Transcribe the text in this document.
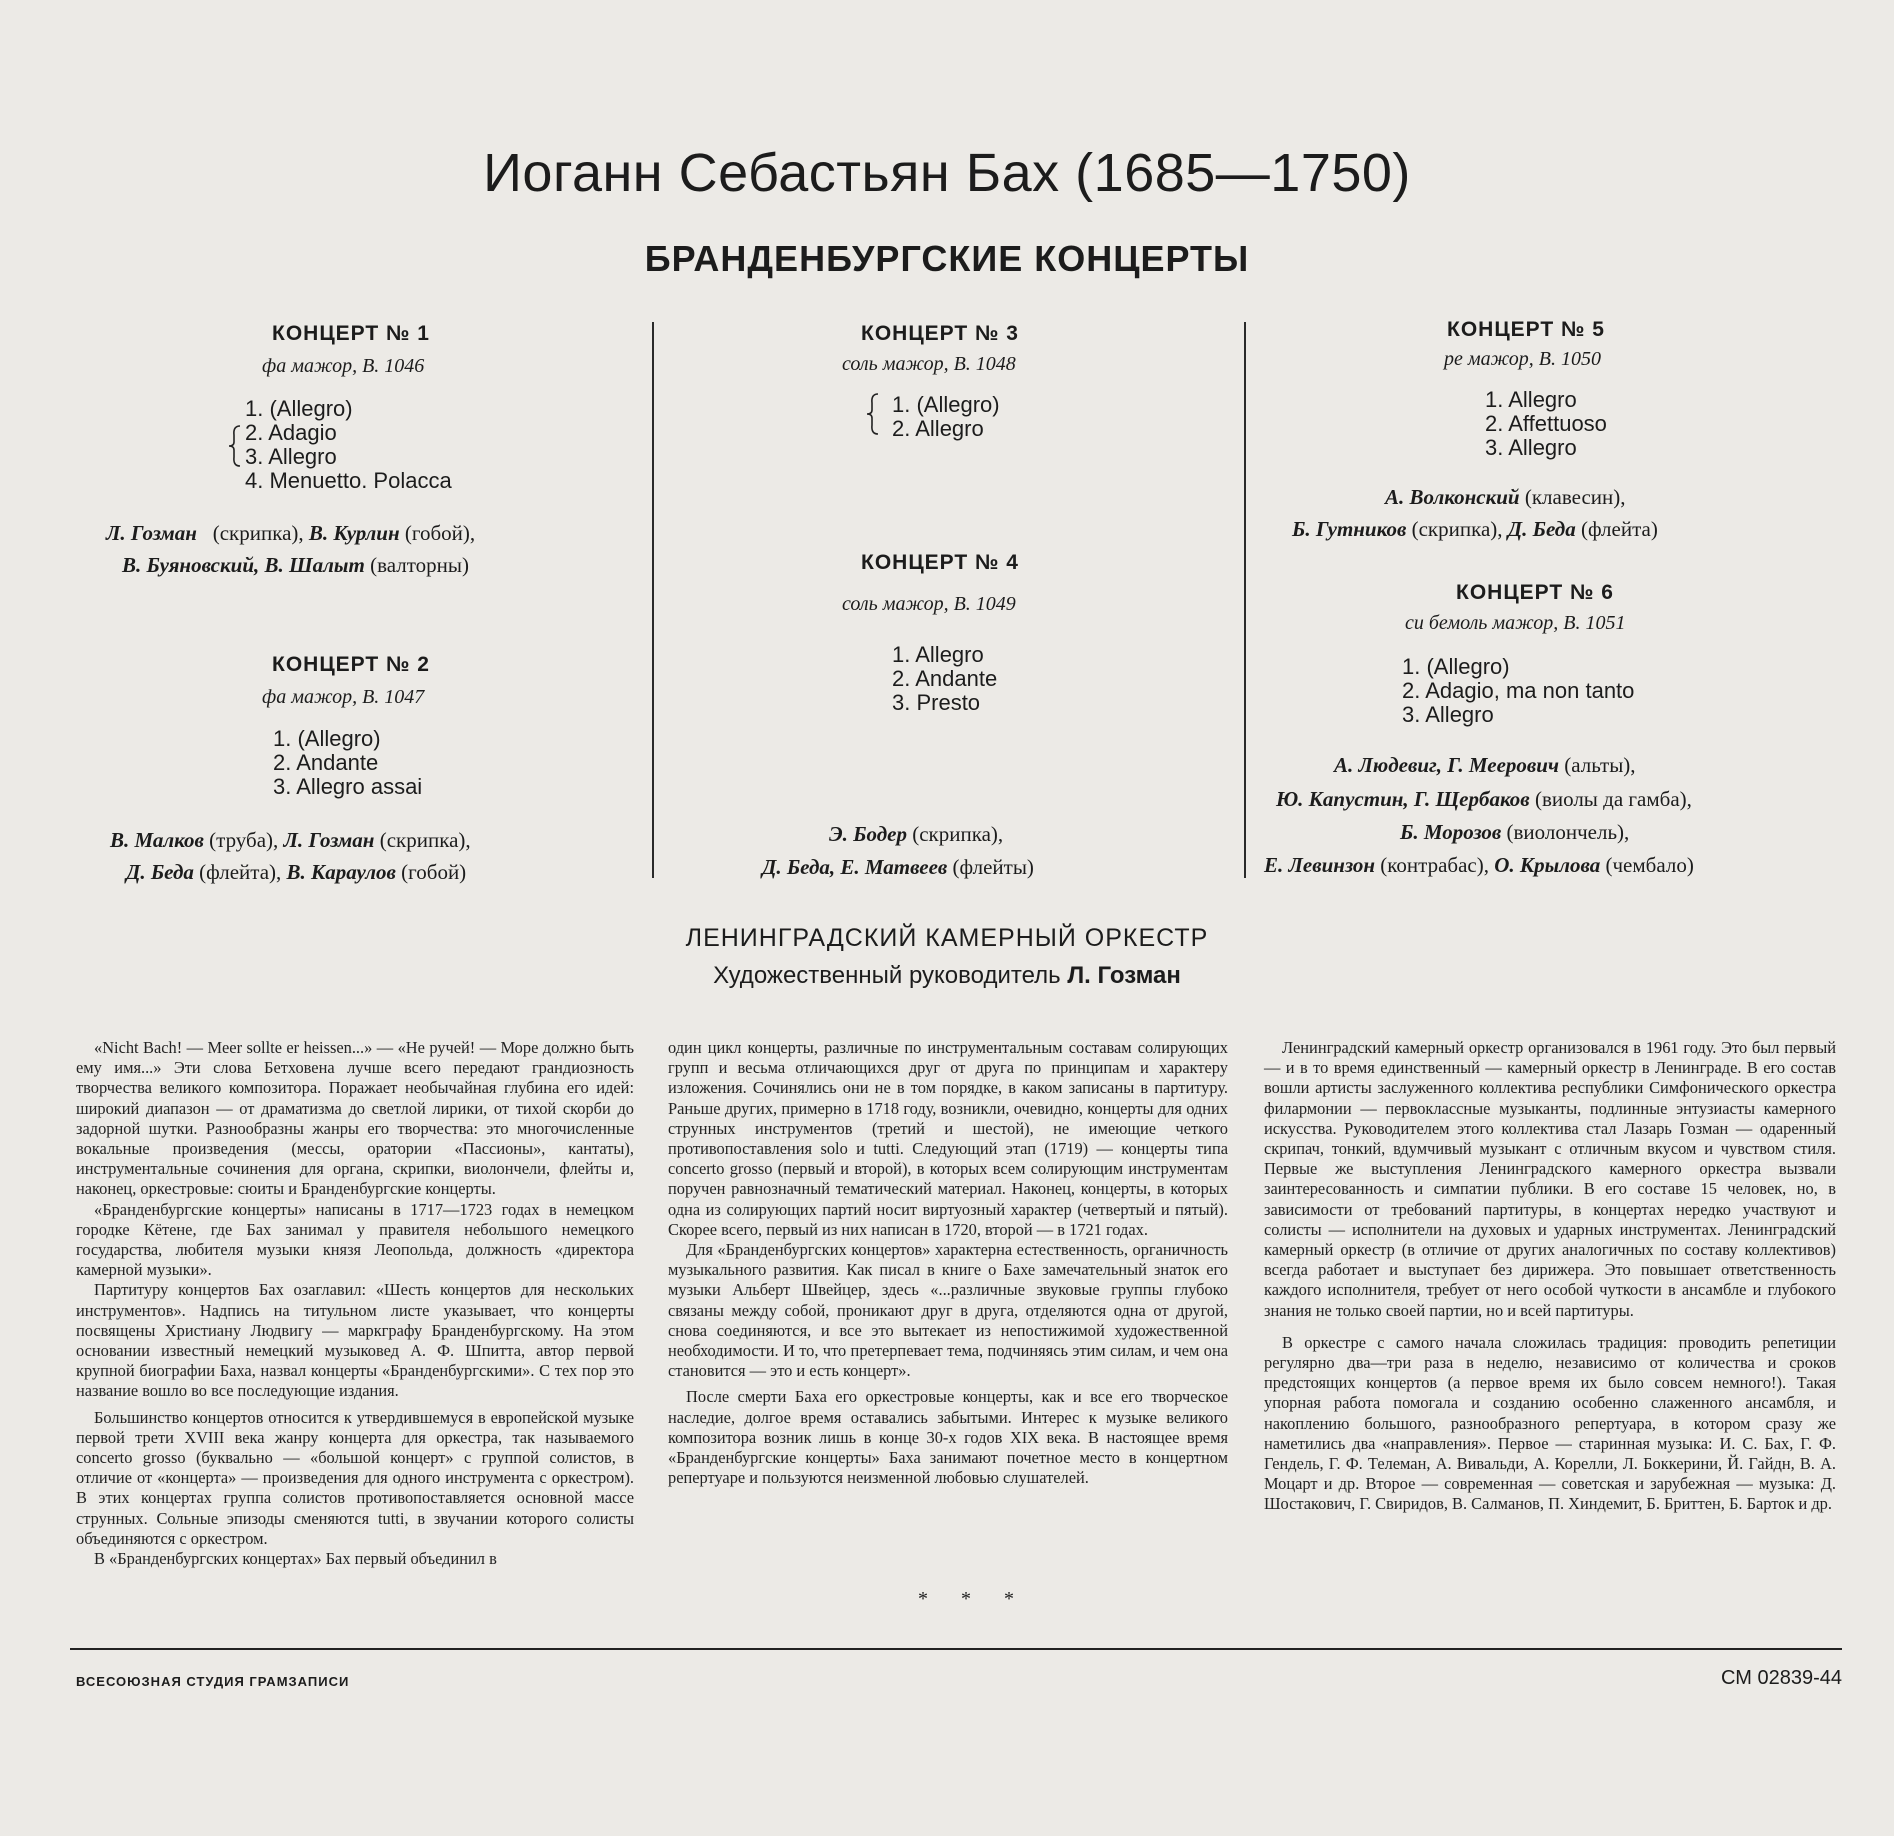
Иоганн Себастьян Бах (1685—1750)
БРАНДЕНБУРГСКИЕ КОНЦЕРТЫ
КОНЦЕРТ № 1
фа мажор, В. 1046
1. (Allegro)
2. Adagio
3. Allegro
4. Menuetto. Polacca
Л. Гозман (скрипка), В. Курлин (гобой),
В. Буяновский, В. Шалыт (валторны)
КОНЦЕРТ № 2
фа мажор, В. 1047
1. (Allegro)
2. Andante
3. Allegro assai
В. Малков (труба), Л. Гозман (скрипка),
Д. Беда (флейта), В. Караулов (гобой)
КОНЦЕРТ № 3
соль мажор, В. 1048
1. (Allegro)
2. Allegro
КОНЦЕРТ № 4
соль мажор, В. 1049
1. Allegro
2. Andante
3. Presto
Э. Бодер (скрипка),
Д. Беда, Е. Матвеев (флейты)
КОНЦЕРТ № 5
ре мажор, В. 1050
1. Allegro
2. Affettuoso
3. Allegro
А. Волконский (клавесин),
Б. Гутников (скрипка), Д. Беда (флейта)
КОНЦЕРТ № 6
си бемоль мажор, В. 1051
1. (Allegro)
2. Adagio, ma non tanto
3. Allegro
А. Людевиг, Г. Меерович (альты),
Ю. Капустин, Г. Щербаков (виолы да гамба),
Б. Морозов (виолончель),
Е. Левинзон (контрабас), О. Крылова (чембало)
ЛЕНИНГРАДСКИЙ КАМЕРНЫЙ ОРКЕСТР
Художественный руководитель Л. Гозман

«Nicht Bach! — Meer sollte er heissen...» — «Не ручей! — Море должно быть ему имя...» Эти слова Бетховена лучше всего передают грандиозность творчества великого композитора. Поражает необычайная глубина его идей: широкий диапазон — от драматизма до светлой лирики, от тихой скорби до задорной шутки. Разнообразны жанры его творчества: это многочисленные вокальные произведения (мессы, оратории «Пассионы», кантаты), инструментальные сочинения для органа, скрипки, виолончели, флейты и, наконец, оркестровые: сюиты и Бранденбургские концерты.

«Бранденбургские концерты» написаны в 1717—1723 годах в немецком городке Кётене, где Бах занимал у правителя небольшого немецкого государства, любителя музыки князя Леопольда, должность «директора камерной музыки».

Партитуру концертов Бах озаглавил: «Шесть концертов для нескольких инструментов». Надпись на титульном листе указывает, что концерты посвящены Христиану Людвигу — маркграфу Бранденбургскому. На этом основании известный немецкий музыковед А. Ф. Шпитта, автор первой крупной биографии Баха, назвал концерты «Бранденбургскими». С тех пор это название вошло во все последующие издания.

Большинство концертов относится к утвердившемуся в европейской музыке первой трети XVIII века жанру концерта для оркестра, так называемого concerto grosso (буквально — «большой концерт» с группой солистов, в отличие от «концерта» — произведения для одного инструмента с оркестром). В этих концертах группа солистов противопоставляется основной массе струнных. Сольные эпизоды сменяются tutti, в звучании которого солисты объединяются с оркестром.

В «Бранденбургских концертах» Бах первый объединил в

один цикл концерты, различные по инструментальным составам солирующих групп и весьма отличающихся друг от друга по принципам и характеру изложения. Сочинялись они не в том порядке, в каком записаны в партитуру. Раньше других, примерно в 1718 году, возникли, очевидно, концерты для одних струнных инструментов (третий и шестой), не имеющие четкого противопоставления solo и tutti. Следующий этап (1719) — концерты типа concerto grosso (первый и второй), в которых всем солирующим инструментам поручен равнозначный тематический материал. Наконец, концерты, в которых одна из солирующих партий носит виртуозный характер (четвертый и пятый). Скорее всего, первый из них написан в 1720, второй — в 1721 годах.

Для «Бранденбургских концертов» характерна естественность, органичность музыкального развития. Как писал в книге о Бахе замечательный знаток его музыки Альберт Швейцер, здесь «...различные звуковые группы глубоко связаны между собой, проникают друг в друга, отделяются одна от другой, снова соединяются, и все это вытекает из непостижимой художественной необходимости. И то, что претерпевает тема, подчиняясь этим силам, и чем она становится — это и есть концерт».

После смерти Баха его оркестровые концерты, как и все его творческое наследие, долгое время оставались забытыми. Интерес к музыке великого композитора возник лишь в конце 30-х годов XIX века. В настоящее время «Бранденбургские концерты» Баха занимают почетное место в концертном репертуаре и пользуются неизменной любовью слушателей.

* * *

Ленинградский камерный оркестр организовался в 1961 году. Это был первый — и в то время единственный — камерный оркестр в Ленинграде. В его состав вошли артисты заслуженного коллектива республики Симфонического оркестра филармонии — первоклассные музыканты, подлинные энтузиасты камерного искусства. Руководителем этого коллектива стал Лазарь Гозман — одаренный скрипач, тонкий, вдумчивый музыкант с отличным вкусом и чувством стиля. Первые же выступления Ленинградского камерного оркестра вызвали заинтересованность и симпатии публики. В его составе 15 человек, но, в зависимости от требований партитуры, в концертах нередко участвуют и солисты — исполнители на духовых и ударных инструментах. Ленинградский камерный оркестр (в отличие от других аналогичных по составу коллективов) всегда работает и выступает без дирижера. Это повышает ответственность каждого исполнителя, требует от него особой чуткости в ансамбле и глубокого знания не только своей партии, но и всей партитуры.

В оркестре с самого начала сложилась традиция: проводить репетиции регулярно два—три раза в неделю, независимо от количества и сроков предстоящих концертов (а первое время их было совсем немного!). Такая упорная работа помогала и созданию особенно слаженного ансамбля, и накоплению большого, разнообразного репертуара, в котором сразу же наметились два «направления». Первое — старинная музыка: И. С. Бах, Г. Ф. Гендель, Г. Ф. Телеман, А. Вивальди, А. Корелли, Л. Боккерини, Й. Гайдн, В. А. Моцарт и др. Второе — современная — советская и зарубежная — музыка: Д. Шостакович, Г. Свиридов, В. Салманов, П. Хиндемит, Б. Бриттен, Б. Барток и др.

ВСЕСОЮЗНАЯ СТУДИЯ ГРАМЗАПИСИ	СМ 02839-44
